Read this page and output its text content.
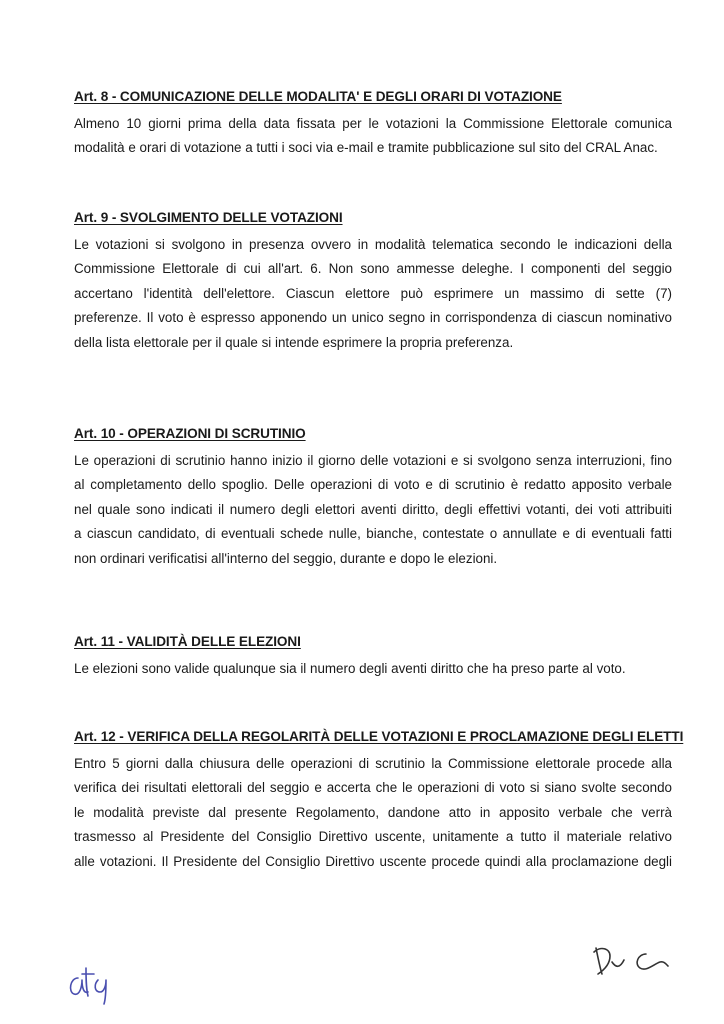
Art. 8 - COMUNICAZIONE DELLE MODALITA' E DEGLI ORARI DI VOTAZIONE

Almeno 10 giorni prima della data fissata per le votazioni la Commissione Elettorale comunica
modalità e orari di votazione a tutti i soci via e-mail e tramite pubblicazione sul sito del CRAL Anac.

Art. 9 - SVOLGIMENTO DELLE VOTAZIONI

Le votazioni si svolgono in presenza ovvero in modalità telematica secondo le indicazioni della
Commissione Elettorale di cui all'art. 6. Non sono ammesse deleghe. I componenti del seggio
accertano l'identità dell'elettore. Ciascun elettore può esprimere un massimo di sette (7)
preferenze. Il voto è espresso apponendo un unico segno in corrispondenza di ciascun nominativo
della lista elettorale per il quale si intende esprimere la propria preferenza.

Art. 10 - OPERAZIONI DI SCRUTINIO

Le operazioni di scrutinio hanno inizio il giorno delle votazioni e si svolgono senza interruzioni, fino
al completamento dello spoglio. Delle operazioni di voto e di scrutinio è redatto apposito verbale
nel quale sono indicati il numero degli elettori aventi diritto, degli effettivi votanti, dei voti attribuiti
a ciascun candidato, di eventuali schede nulle, bianche, contestate o annullate e di eventuali fatti
non ordinari verificatisi all'interno del seggio, durante e dopo le elezioni.

Art. 11 - VALIDITÀ DELLE ELEZIONI

Le elezioni sono valide qualunque sia il numero degli aventi diritto che ha preso parte al voto.

Art. 12 - VERIFICA DELLA REGOLARITÀ DELLE VOTAZIONI E PROCLAMAZIONE DEGLI ELETTI

Entro 5 giorni dalla chiusura delle operazioni di scrutinio la Commissione elettorale procede alla
verifica dei risultati elettorali del seggio e accerta che le operazioni di voto si siano svolte secondo
le modalità previste dal presente Regolamento, dandone atto in apposito verbale che verrà
trasmesso al Presidente del Consiglio Direttivo uscente, unitamente a tutto il materiale relativo
alle votazioni. Il Presidente del Consiglio Direttivo uscente procede quindi alla proclamazione degli
